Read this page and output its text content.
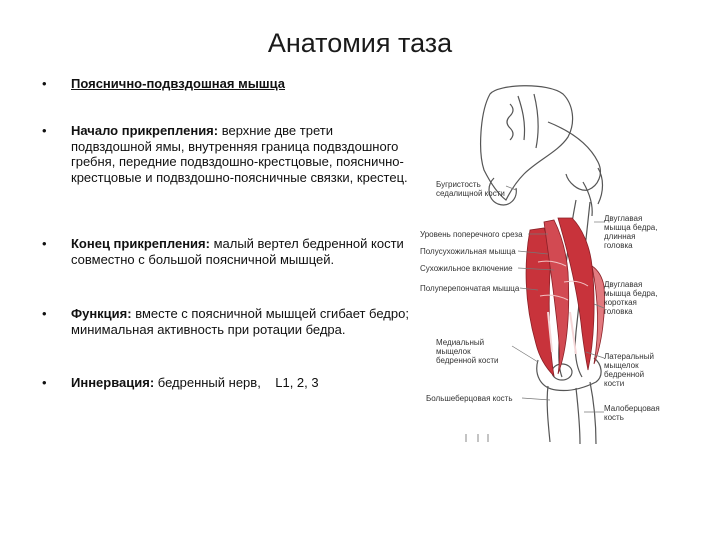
Анатомия таза
•	Пояснично-подвздошная мышца
•	Начало прикрепления: верхние две трети подвздошной ямы, внутренняя граница подвздошного гребня, передние подвздошно-крестцовые, пояснично-крестцовые и подвздошно-поясничные связки, крестец.
•	Конец прикрепления: малый вертел бедренной кости совместно с большой поясничной мышцей.
•	Функция: вместе с поясничной мышцей сгибает бедро; минимальная активность при ротации бедра.
•	Иннервация: бедренный нерв,    L1, 2, 3
Бугристость
седалищной кости
Уровень поперечного среза
Полусухожильная мышца
Сухожильное включение
Полуперепончатая мышца
Медиальный
мыщелок
бедренной кости
Большеберцовая кость
Двуглавая
мышца бедра,
длинная
головка
Двуглавая
мышца бедра,
короткая
головка
Латеральный
мыщелок
бедренной
кости
Малоберцовая
кость
